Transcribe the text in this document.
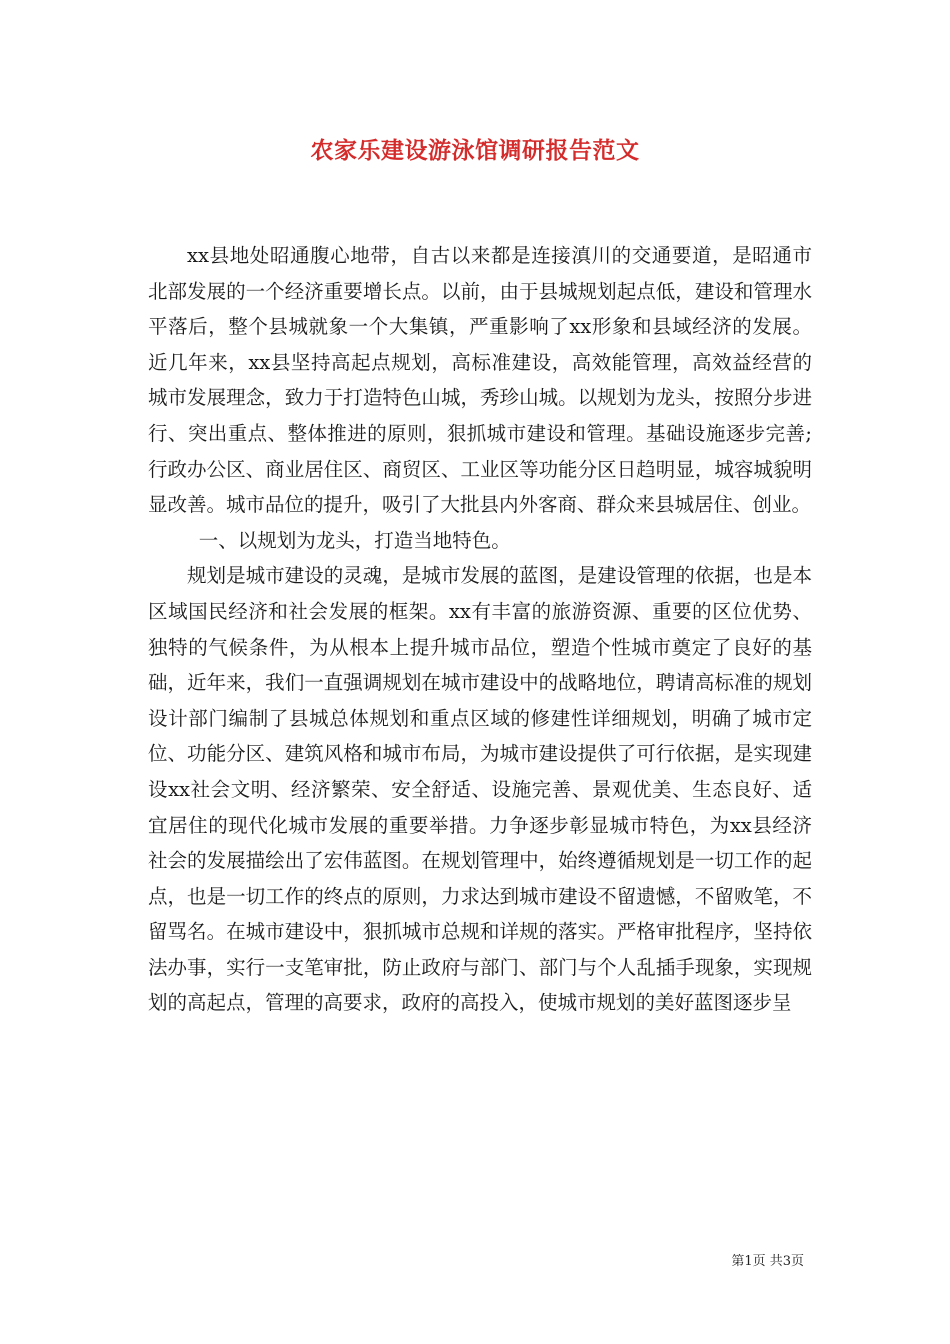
农家乐建设游泳馆调研报告范文

xx县地处昭通腹心地带，自古以来都是连接滇川的交通要道，是昭通市北部发展的一个经济重要增长点。以前，由于县城规划起点低，建设和管理水平落后，整个县城就象一个大集镇，严重影响了xx形象和县域经济的发展。近几年来，xx县坚持高起点规划，高标准建设，高效能管理，高效益经营的城市发展理念，致力于打造特色山城，秀珍山城。以规划为龙头，按照分步进行、突出重点、整体推进的原则，狠抓城市建设和管理。基础设施逐步完善;行政办公区、商业居住区、商贸区、工业区等功能分区日趋明显，城容城貌明显改善。城市品位的提升，吸引了大批县内外客商、群众来县城居住、创业。

一、以规划为龙头，打造当地特色。

规划是城市建设的灵魂，是城市发展的蓝图，是建设管理的依据，也是本区域国民经济和社会发展的框架。xx有丰富的旅游资源、重要的区位优势、独特的气候条件，为从根本上提升城市品位，塑造个性城市奠定了良好的基础，近年来，我们一直强调规划在城市建设中的战略地位，聘请高标准的规划设计部门编制了县城总体规划和重点区域的修建性详细规划，明确了城市定位、功能分区、建筑风格和城市布局，为城市建设提供了可行依据，是实现建设xx社会文明、经济繁荣、安全舒适、设施完善、景观优美、生态良好、适宜居住的现代化城市发展的重要举措。力争逐步彰显城市特色，为xx县经济社会的发展描绘出了宏伟蓝图。在规划管理中，始终遵循规划是一切工作的起点，也是一切工作的终点的原则，力求达到城市建设不留遗憾，不留败笔，不留骂名。在城市建设中，狠抓城市总规和详规的落实。严格审批程序，坚持依法办事，实行一支笔审批，防止政府与部门、部门与个人乱插手现象，实现规划的高起点，管理的高要求，政府的高投入，使城市规划的美好蓝图逐步呈

第1页 共3页
